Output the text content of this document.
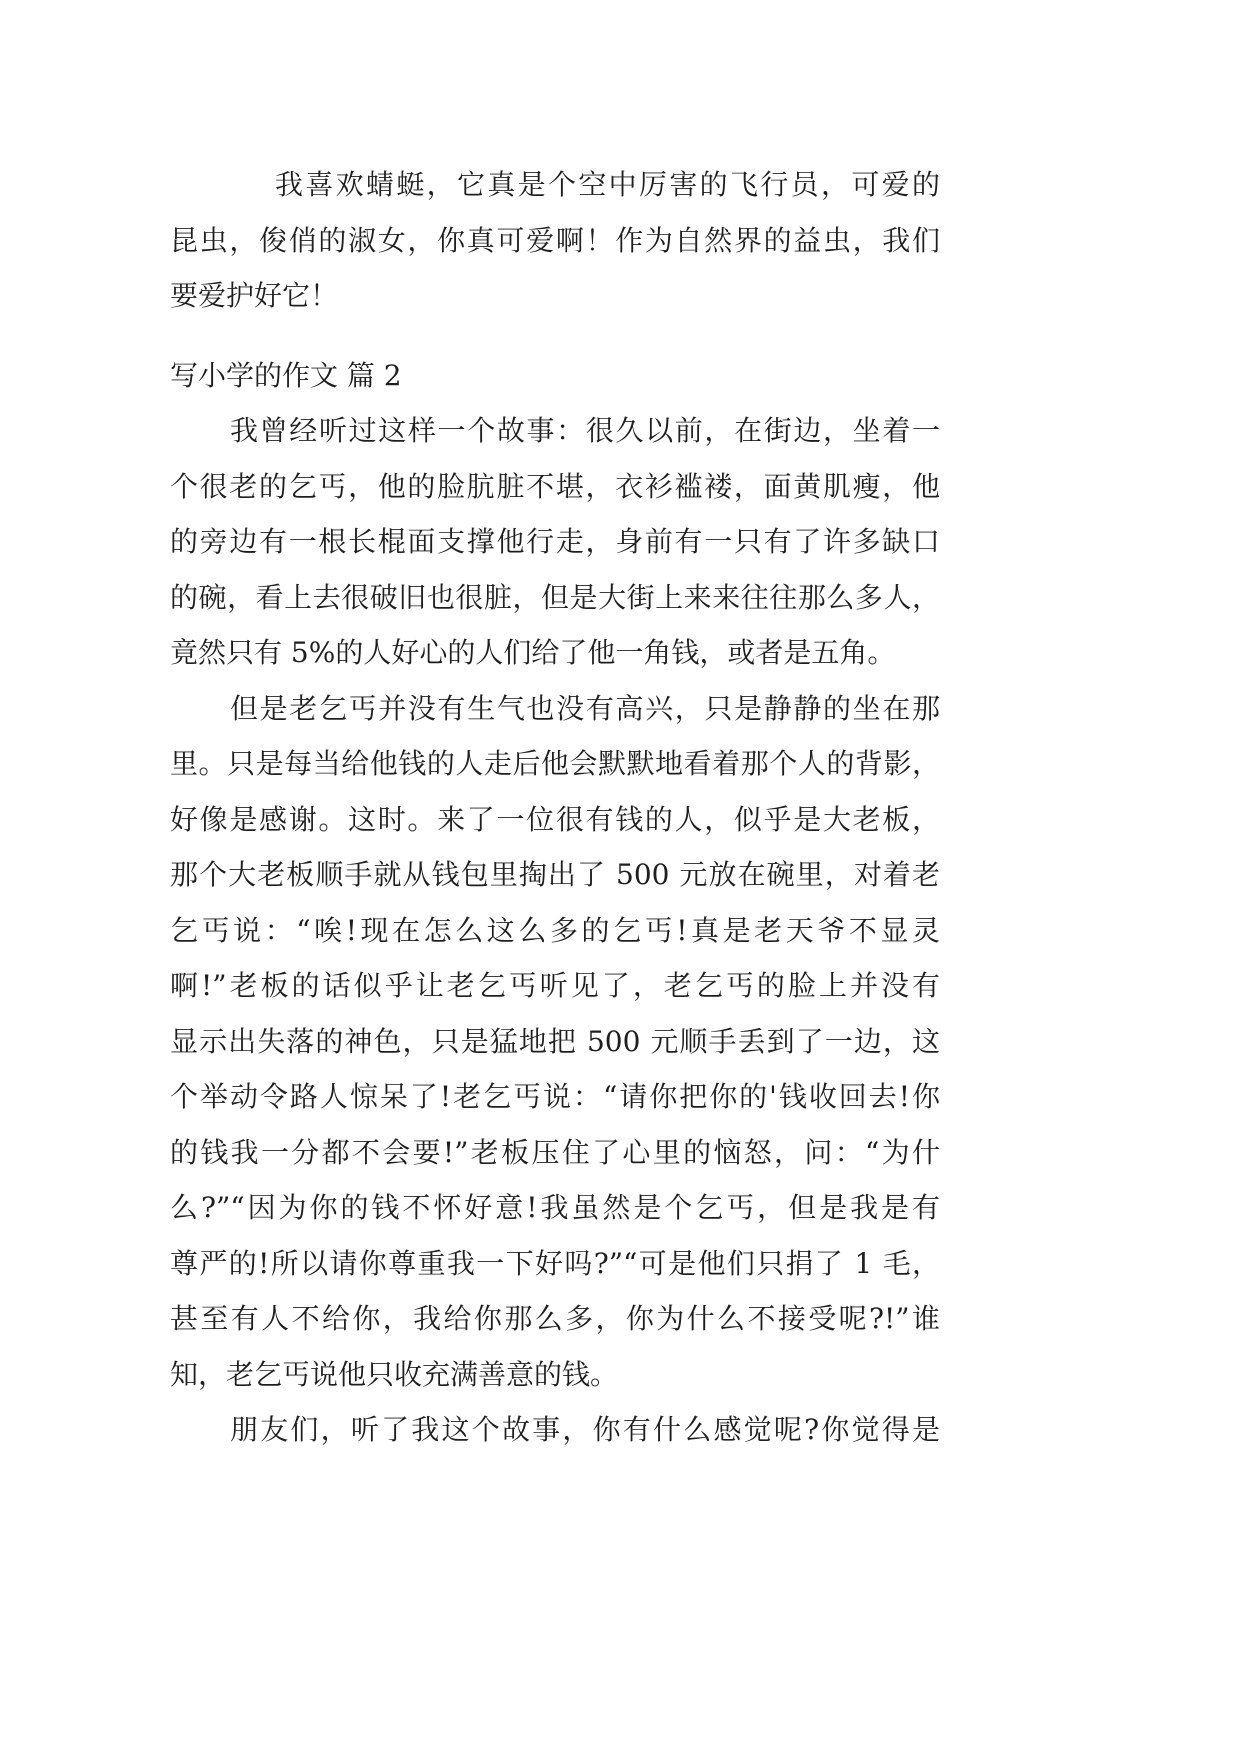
我喜欢蜻蜓，它真是个空中厉害的飞行员，可爱的
昆虫，俊俏的淑女，你真可爱啊！作为自然界的益虫，我们
要爱护好它！
写小学的作文 篇 2
我曾经听过这样一个故事：很久以前，在街边，坐着一
个很老的乞丐，他的脸肮脏不堪，衣衫褴褛，面黄肌瘦，他
的旁边有一根长棍面支撑他行走，身前有一只有了许多缺口
的碗，看上去很破旧也很脏，但是大街上来来往往那么多人，
竟然只有 5%的人好心的人们给了他一角钱，或者是五角。
但是老乞丐并没有生气也没有高兴，只是静静的坐在那
里。只是每当给他钱的人走后他会默默地看着那个人的背影，
好像是感谢。这时。来了一位很有钱的人，似乎是大老板，
那个大老板顺手就从钱包里掏出了 500 元放在碗里，对着老
乞丐说：“唉!现在怎么这么多的乞丐!真是老天爷不显灵
啊!”老板的话似乎让老乞丐听见了，老乞丐的脸上并没有
显示出失落的神色，只是猛地把 500 元顺手丢到了一边，这
个举动令路人惊呆了!老乞丐说：“请你把你的'钱收回去!你
的钱我一分都不会要!”老板压住了心里的恼怒，问：“为什
么?”“因为你的钱不怀好意!我虽然是个乞丐，但是我是有
尊严的!所以请你尊重我一下好吗?”“可是他们只捐了 1 毛，
甚至有人不给你，我给你那么多，你为什么不接受呢?!”谁
知，老乞丐说他只收充满善意的钱。
朋友们，听了我这个故事，你有什么感觉呢?你觉得是
